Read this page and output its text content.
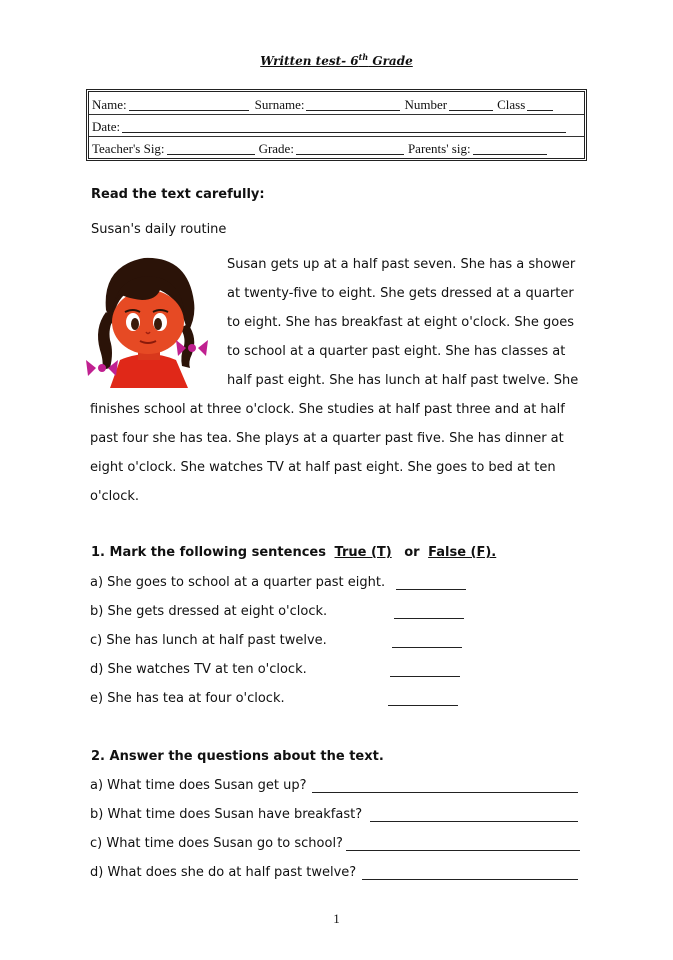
Written test- 6th Grade
Name:	Surname:	Number	Class
Date:
Teacher's Sig:	Grade:	Parents' sig:
Read the text carefully:
Susan's daily routine
Susan gets up at a half past seven. She has a shower
at twenty-five to eight. She gets dressed at a quarter
to eight. She has breakfast at eight o'clock. She goes
to school at a quarter past eight. She has classes at
half past eight. She has lunch at half past twelve. She
finishes school at three o'clock. She studies at half past three and at half
past four she has tea. She plays at a quarter past five. She has dinner at
eight o'clock. She watches TV at half past eight. She goes to bed at ten
o'clock.
1. Mark the following sentences True (T) or False (F).
a) She goes to school at a quarter past eight.
b) She gets dressed at eight o'clock.
c) She has lunch at half past twelve.
d) She watches TV at ten o'clock.
e) She has tea at four o'clock.
2. Answer the questions about the text.
a) What time does Susan get up?
b) What time does Susan have breakfast?
c) What time does Susan go to school?
d) What does she do at half past twelve?
1
